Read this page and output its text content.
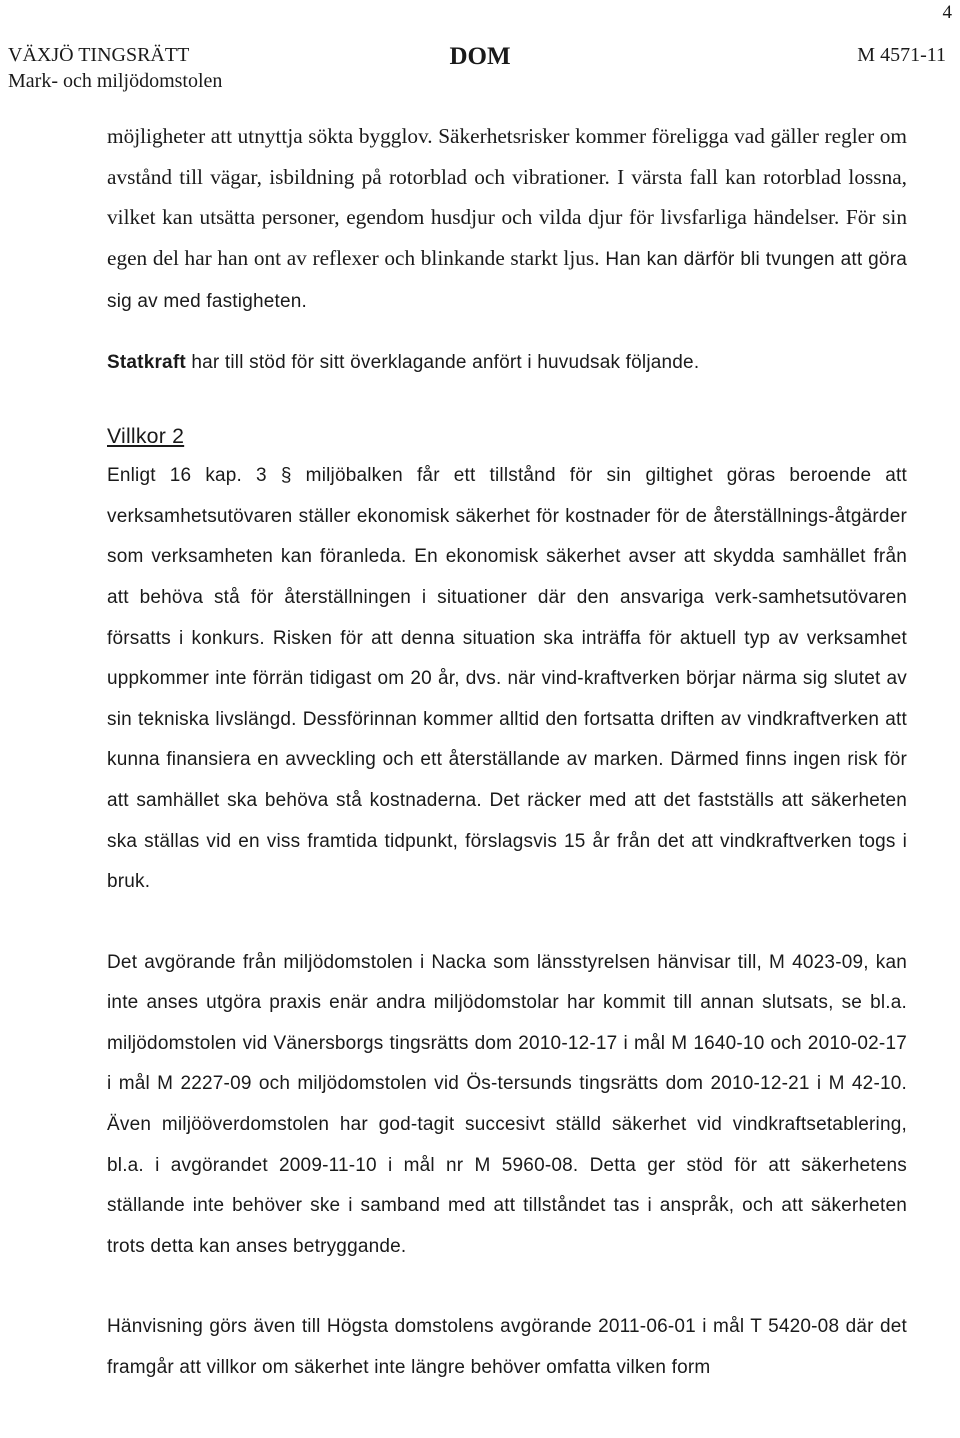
4
VÄXJÖ TINGSRÄTT
Mark- och miljödomstolen
DOM	M 4571-11

möjligheter att utnyttja sökta bygglov. Säkerhetsrisker kommer föreligga vad gäller regler om avstånd till vägar, isbildning på rotorblad och vibrationer. I värsta fall kan rotorblad lossna, vilket kan utsätta personer, egendom husdjur och vilda djur för livsfarliga händelser. För sin egen del har han ont av reflexer och blinkande starkt ljus. Han kan därför bli tvungen att göra sig av med fastigheten.

Statkraft har till stöd för sitt överklagande anfört i huvudsak följande.

Villkor 2

Enligt 16 kap. 3 § miljöbalken får ett tillstånd för sin giltighet göras beroende att verksamhetsutövaren ställer ekonomisk säkerhet för kostnader för de återställnings-åtgärder som verksamheten kan föranleda. En ekonomisk säkerhet avser att skydda samhället från att behöva stå för återställningen i situationer där den ansvariga verk-samhetsutövaren försatts i konkurs. Risken för att denna situation ska inträffa för aktuell typ av verksamhet uppkommer inte förrän tidigast om 20 år, dvs. när vind-kraftverken börjar närma sig slutet av sin tekniska livslängd. Dessförinnan kommer alltid den fortsatta driften av vindkraftverken att kunna finansiera en avveckling och ett återställande av marken. Därmed finns ingen risk för att samhället ska behöva stå kostnaderna. Det räcker med att det fastställs att säkerheten ska ställas vid en viss framtida tidpunkt, förslagsvis 15 år från det att vindkraftverken togs i bruk.

Det avgörande från miljödomstolen i Nacka som länsstyrelsen hänvisar till, M 4023-09, kan inte anses utgöra praxis enär andra miljödomstolar har kommit till annan slutsats, se bl.a. miljödomstolen vid Vänersborgs tingsrätts dom 2010-12-17 i mål M 1640-10 och 2010-02-17 i mål M 2227-09 och miljödomstolen vid Ös-tersunds tingsrätts dom 2010-12-21 i M 42-10. Även miljööverdomstolen har god-tagit succesivt ställd säkerhet vid vindkraftsetablering, bl.a. i avgörandet 2009-11-10 i mål nr M 5960-08. Detta ger stöd för att säkerhetens ställande inte behöver ske i samband med att tillståndet tas i anspråk, och att säkerheten trots detta kan anses betryggande.

Hänvisning görs även till Högsta domstolens avgörande 2011-06-01 i mål T 5420-08 där det framgår att villkor om säkerhet inte längre behöver omfatta vilken form
